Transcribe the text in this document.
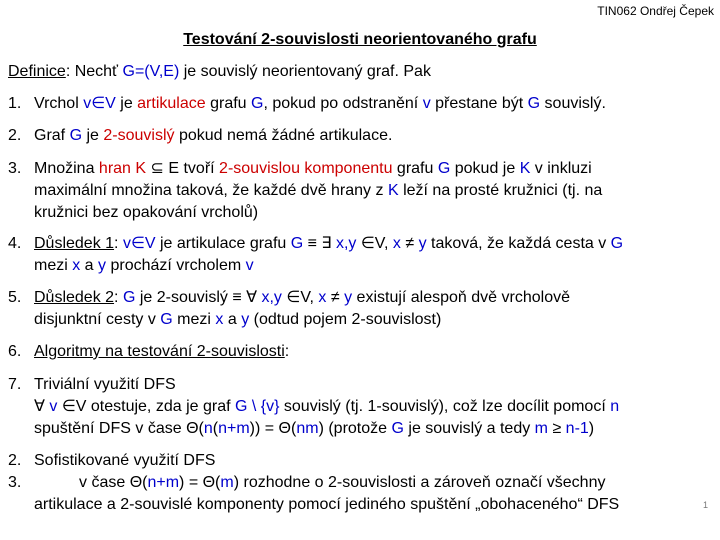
TIN062 Ondřej Čepek
Testování 2-souvislosti neorientovaného grafu
Definice: Nechť G=(V,E) je souvislý neorientovaný graf. Pak
1. Vrchol v∈V je artikulace grafu G, pokud po odstranění v přestane být G souvislý.
2. Graf G je 2-souvislý pokud nemá žádné artikulace.
3. Množina hran K ⊆ E tvoří 2-souvislou komponentu grafu G pokud je K v inkluzi
maximální množina taková, že každé dvě hrany z K leží na prosté kružnici (tj. na
kružnici bez opakování vrcholů)
4. Důsledek 1: v∈V je artikulace grafu G ≡ ∃ x,y ∈V, x ≠ y taková, že každá cesta v G
mezi x a y prochází vrcholem v
5. Důsledek 2: G je 2-souvislý ≡ ∀ x,y ∈V, x ≠ y existují alespoň dvě vrcholově
disjunktní cesty v G mezi x a y (odtud pojem 2-souvislost)
6. Algoritmy na testování 2-souvislosti:
7. Triviální využití DFS
∀ v ∈V otestuje, zda je graf G \ {v} souvislý (tj. 1-souvislý), což lze docílit pomocí n
spuštění DFS v čase Θ(n(n+m)) = Θ(nm) (protože G je souvislý a tedy m ≥ n-1)
2.
3.
Sofistikované využití DFS
v čase Θ(n+m) = Θ(m) rozhodne o 2-souvislosti a zároveň označí všechny
artikulace a 2-souvislé komponenty pomocí jediného spuštění „obohaceného“ DFS	1
